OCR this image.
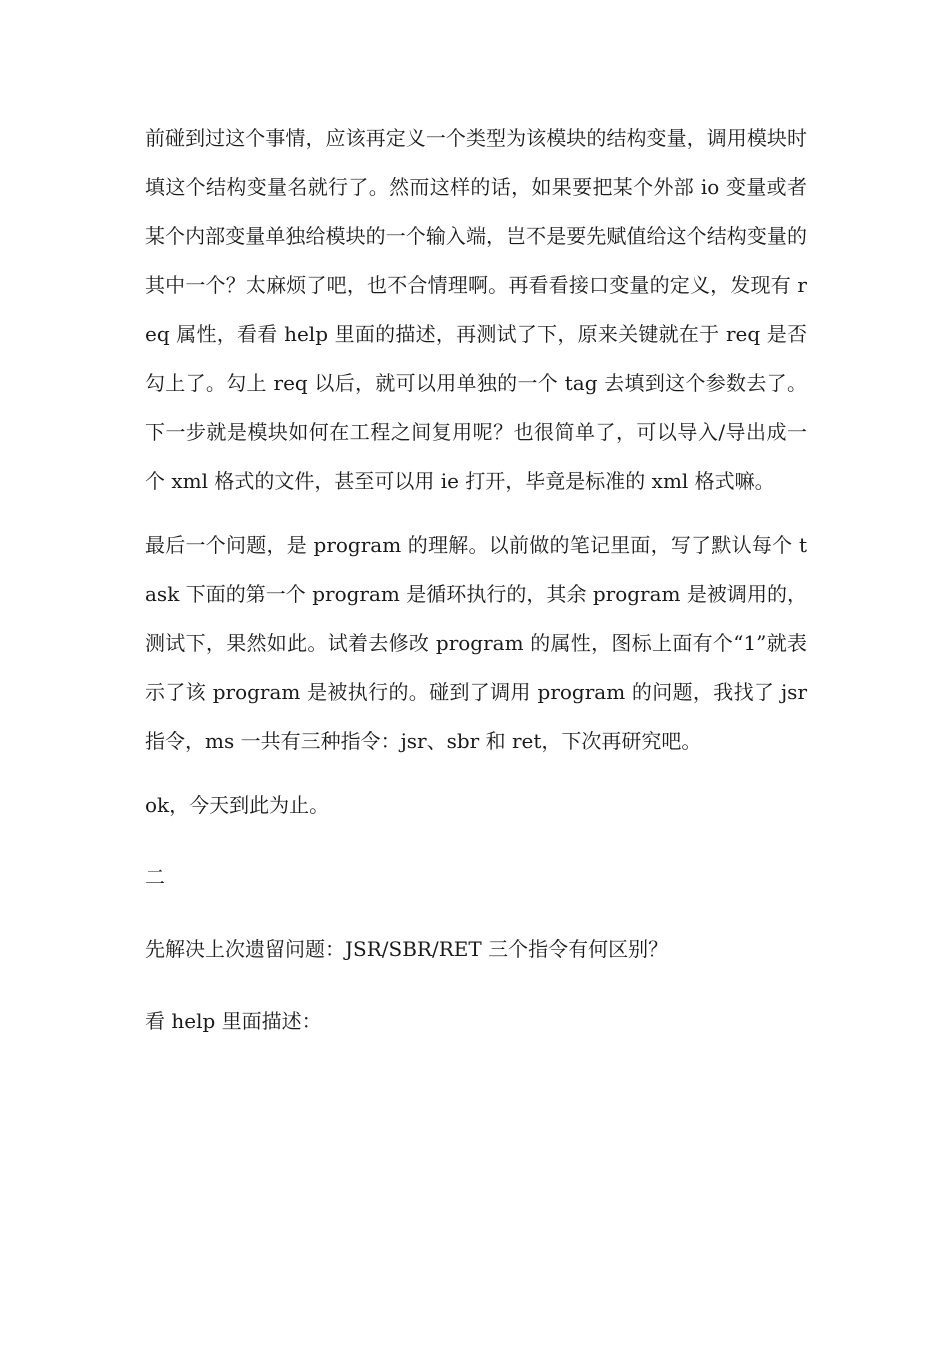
前碰到过这个事情，应该再定义一个类型为该模块的结构变量，调用模块时填这个结构变量名就行了。然而这样的话，如果要把某个外部 io 变量或者某个内部变量单独给模块的一个输入端，岂不是要先赋值给这个结构变量的其中一个？太麻烦了吧，也不合情理啊。再看看接口变量的定义，发现有 req 属性，看看 help 里面的描述，再测试了下，原来关键就在于 req 是否勾上了。勾上 req 以后，就可以用单独的一个 tag 去填到这个参数去了。下一步就是模块如何在工程之间复用呢？也很简单了，可以导入/导出成一个 xml 格式的文件，甚至可以用 ie 打开，毕竟是标准的 xml 格式嘛。

最后一个问题，是 program 的理解。以前做的笔记里面，写了默认每个 task 下面的第一个 program 是循环执行的，其余 program 是被调用的，测试下，果然如此。试着去修改 program 的属性，图标上面有个“1”就表示了该 program 是被执行的。碰到了调用 program 的问题，我找了 jsr 指令，ms 一共有三种指令：jsr、sbr 和 ret，下次再研究吧。

ok，今天到此为止。

二

先解决上次遗留问题：JSR/SBR/RET 三个指令有何区别？

看 help 里面描述：
